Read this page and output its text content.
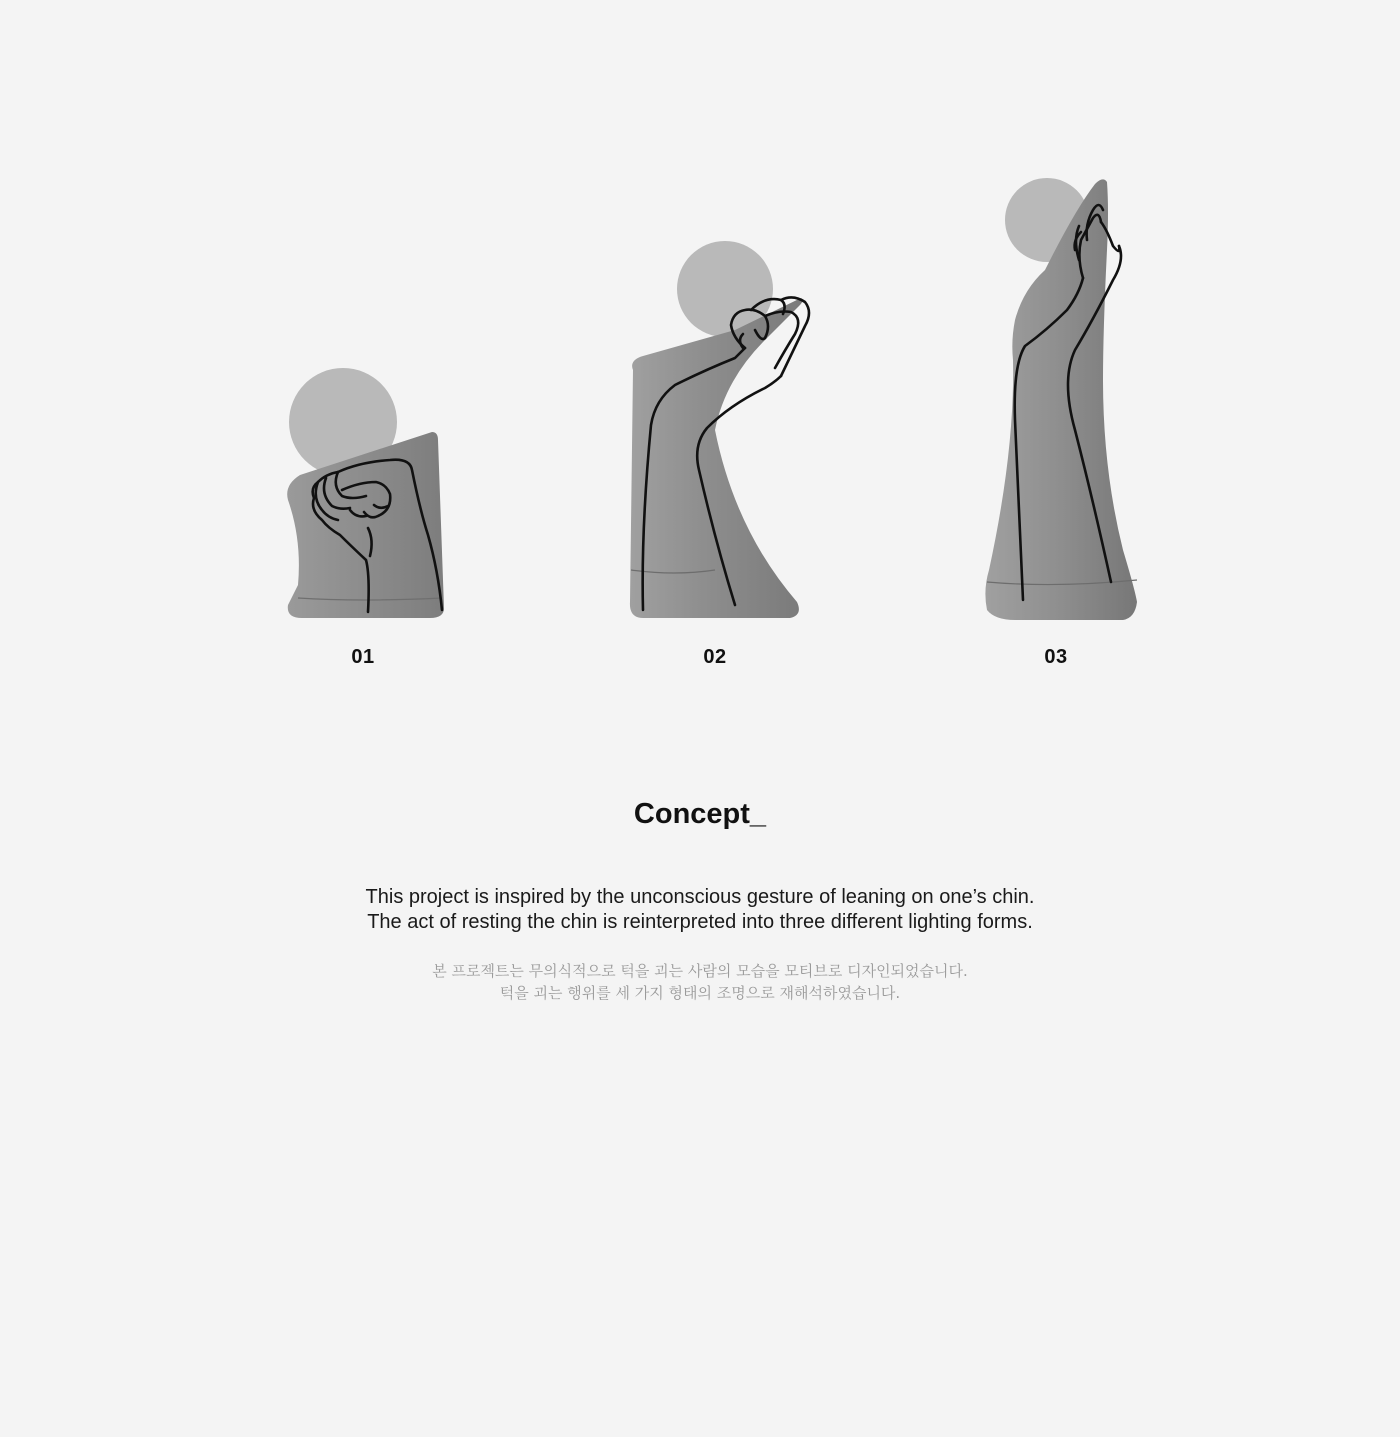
01	02	03
Concept_
This project is inspired by the unconscious gesture of leaning on one’s chin.
The act of resting the chin is reinterpreted into three different lighting forms.
본 프로젝트는 무의식적으로 턱을 괴는 사람의 모습을 모티브로 디자인되었습니다.
턱을 괴는 행위를 세 가지 형태의 조명으로 재해석하였습니다.
